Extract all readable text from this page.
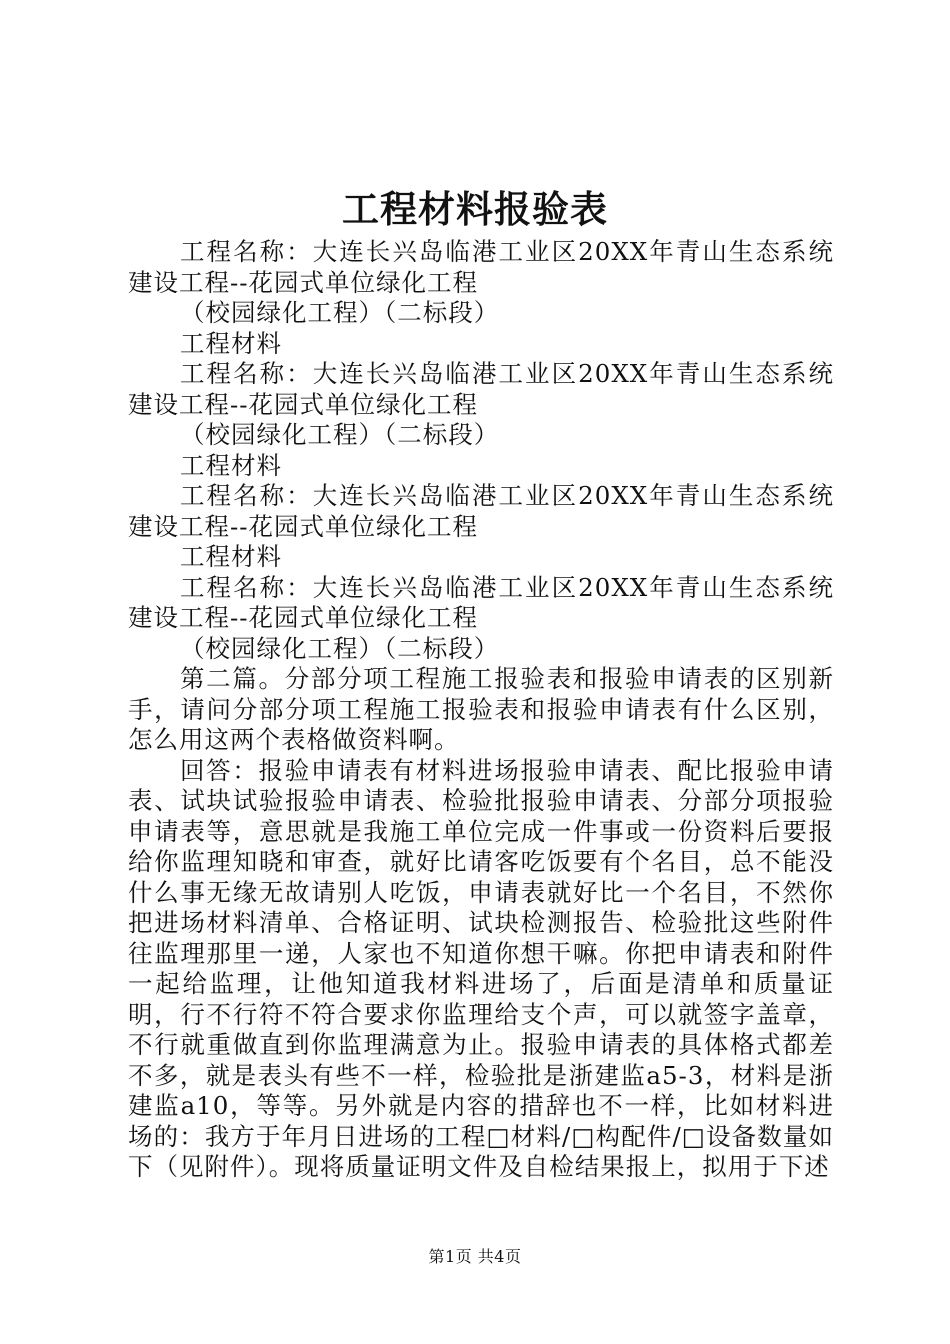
工程材料报验表

工程名称：大连长兴岛临港工业区20XX年青山生态系统建设工程--花园式单位绿化工程

（校园绿化工程）（二标段）

工程材料

工程名称：大连长兴岛临港工业区20XX年青山生态系统建设工程--花园式单位绿化工程

（校园绿化工程）（二标段）

工程材料

工程名称：大连长兴岛临港工业区20XX年青山生态系统建设工程--花园式单位绿化工程

工程材料

工程名称：大连长兴岛临港工业区20XX年青山生态系统建设工程--花园式单位绿化工程

（校园绿化工程）（二标段）

第二篇。分部分项工程施工报验表和报验申请表的区别新手，请问分部分项工程施工报验表和报验申请表有什么区别，怎么用这两个表格做资料啊。

回答：报验申请表有材料进场报验申请表、配比报验申请表、试块试验报验申请表、检验批报验申请表、分部分项报验申请表等，意思就是我施工单位完成一件事或一份资料后要报给你监理知晓和审查，就好比请客吃饭要有个名目，总不能没什么事无缘无故请别人吃饭，申请表就好比一个名目，不然你把进场材料清单、合格证明、试块检测报告、检验批这些附件往监理那里一递，人家也不知道你想干嘛。你把申请表和附件一起给监理，让他知道我材料进场了，后面是清单和质量证明，行不行符不符合要求你监理给支个声，可以就签字盖章，不行就重做直到你监理满意为止。报验申请表的具体格式都差不多，就是表头有些不一样，检验批是浙建监a5-3，材料是浙建监a10，等等。另外就是内容的措辞也不一样，比如材料进场的：我方于年月日进场的工程□材料/□构配件/□设备数量如下（见附件）。现将质量证明文件及自检结果报上，拟用于下述

第1页 共4页
